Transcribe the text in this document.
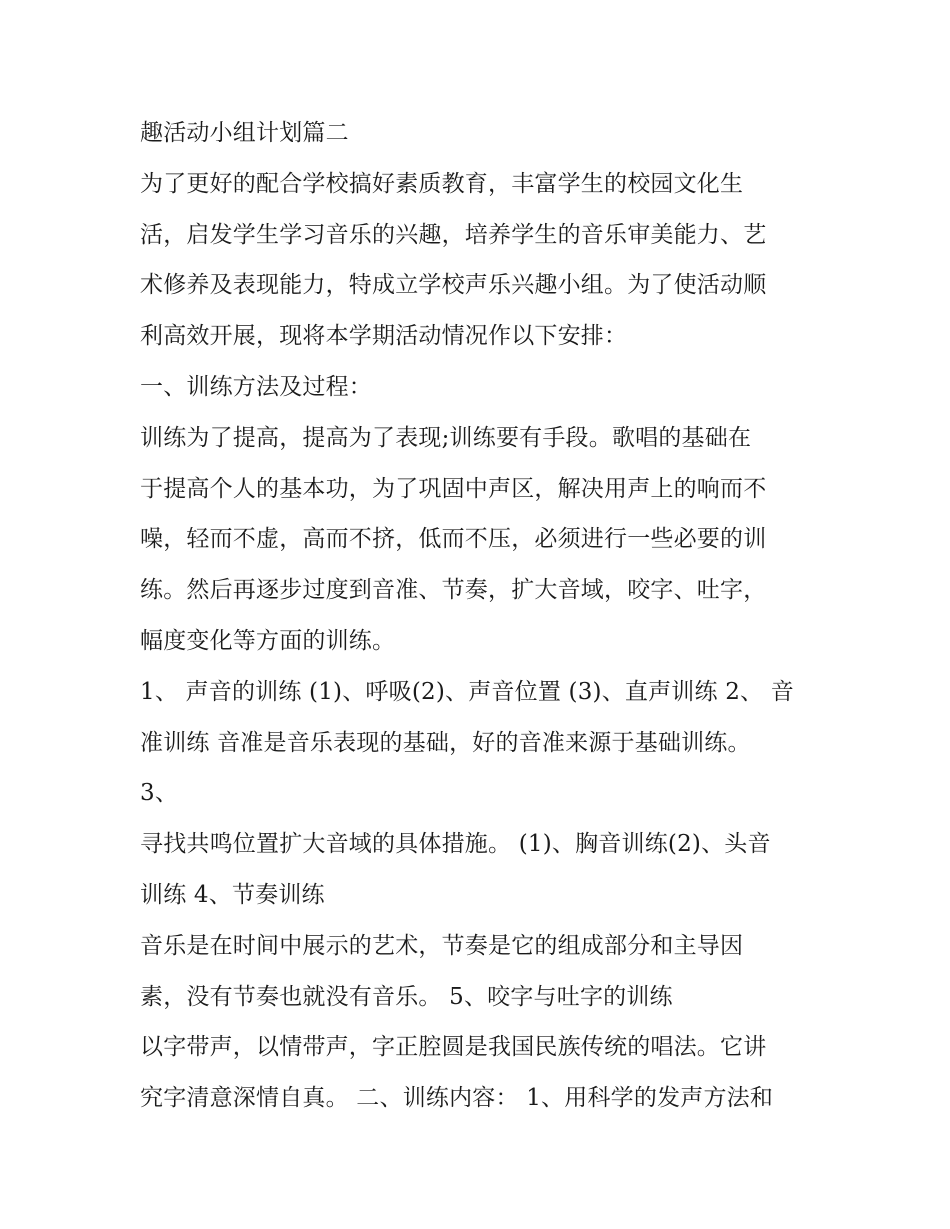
趣活动小组计划篇二
为了更好的配合学校搞好素质教育，丰富学生的校园文化生
活，启发学生学习音乐的兴趣，培养学生的音乐审美能力、艺
术修养及表现能力，特成立学校声乐兴趣小组。为了使活动顺
利高效开展，现将本学期活动情况作以下安排：
一、训练方法及过程：
训练为了提高，提高为了表现;训练要有手段。歌唱的基础在
于提高个人的基本功，为了巩固中声区，解决用声上的响而不
噪，轻而不虚，高而不挤，低而不压，必须进行一些必要的训
练。然后再逐步过度到音准、节奏，扩大音域，咬字、吐字，
幅度变化等方面的训练。
1、 声音的训练 (1)、呼吸(2)、声音位置 (3)、直声训练 2、 音
准训练 音准是音乐表现的基础，好的音准来源于基础训练。
3、
寻找共鸣位置扩大音域的具体措施。 (1)、胸音训练(2)、头音
训练 4、节奏训练
音乐是在时间中展示的艺术，节奏是它的组成部分和主导因
素，没有节奏也就没有音乐。 5、咬字与吐字的训练
以字带声，以情带声，字正腔圆是我国民族传统的唱法。它讲
究字清意深情自真。 二、训练内容： 1、用科学的发声方法和
